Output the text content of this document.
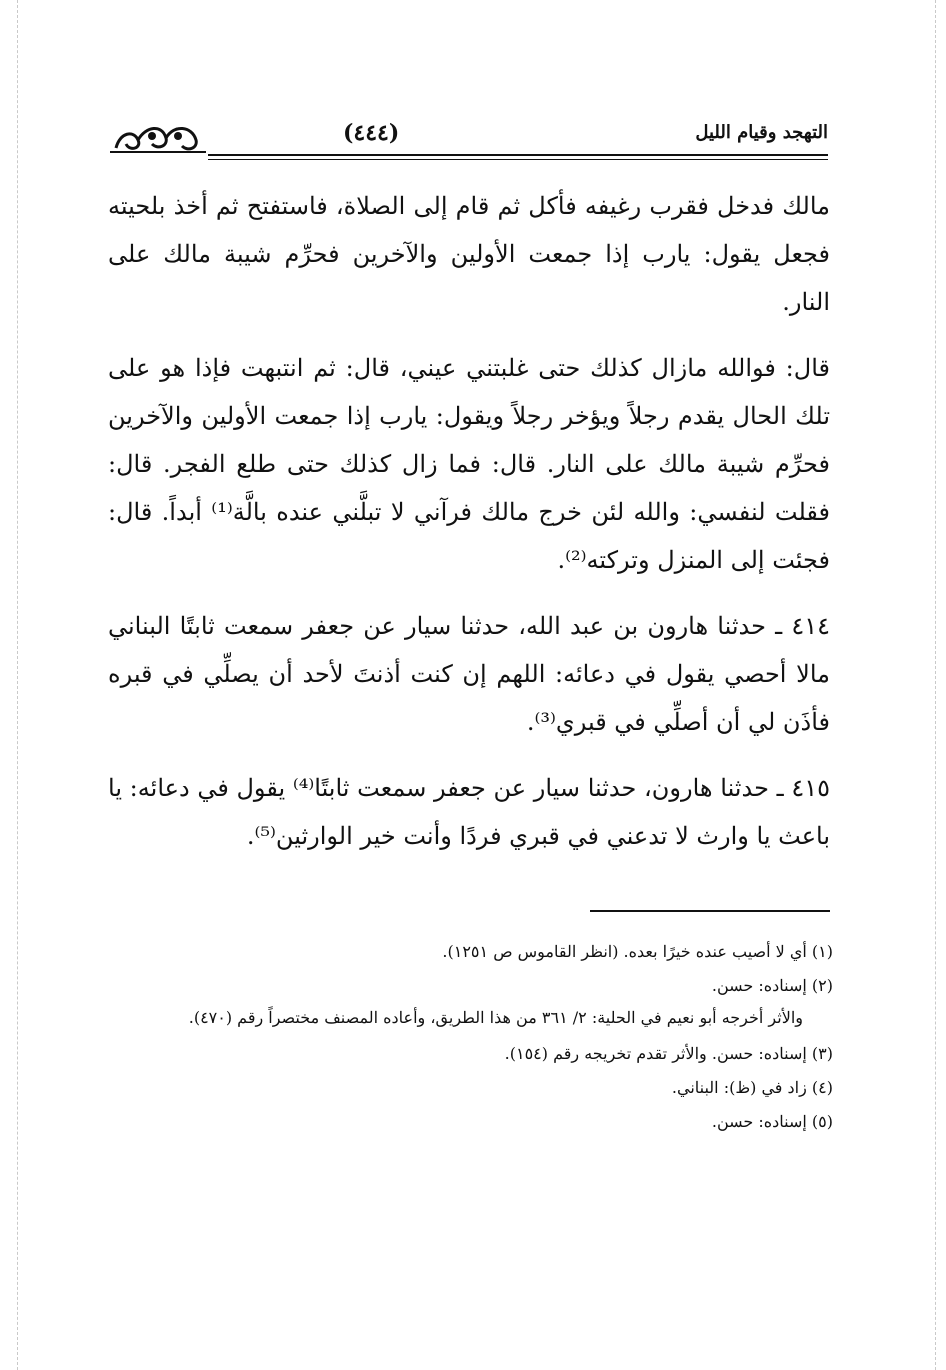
(٤٤٤)	التهجد وقيام الليل

مالك فدخل فقرب رغيفه فأكل ثم قام إلى الصلاة، فاستفتح ثم أخذ بلحيته فجعل يقول: يارب إذا جمعت الأولين والآخرين فحرِّم شيبة مالك على النار.

قال: فوالله مازال كذلك حتى غلبتني عيني، قال: ثم انتبهت فإذا هو على تلك الحال يقدم رجلاً ويؤخر رجلاً ويقول: يارب إذا جمعت الأولين والآخرين فحرِّم شيبة مالك على النار. قال: فما زال كذلك حتى طلع الفجر. قال: فقلت لنفسي: والله لئن خرج مالك فرآني لا تبلَّني عنده بالَّة⁽¹⁾ أبداً. قال: فجئت إلى المنزل وتركته⁽²⁾.

٤١٤ ـ حدثنا هارون بن عبد الله، حدثنا سيار عن جعفر سمعت ثابتًا البناني مالا أحصي يقول في دعائه: اللهم إن كنت أذنتَ لأحد أن يصلِّي في قبره فأذَن لي أن أصلِّي في قبري⁽³⁾.

٤١٥ ـ حدثنا هارون، حدثنا سيار عن جعفر سمعت ثابتًا⁽⁴⁾ يقول في دعائه: يا باعث يا وارث لا تدعني في قبري فردًا وأنت خير الوارثين⁽⁵⁾.

(١) أي لا أصيب عنده خيرًا بعده. (انظر القاموس ص ١٢٥١).

(٢) إسناده: حسن.

والأثر أخرجه أبو نعيم في الحلية: ٢/ ٣٦١ من هذا الطريق، وأعاده المصنف مختصراً رقم (٤٧٠).

(٣) إسناده: حسن. والأثر تقدم تخريجه رقم (١٥٤).

(٤) زاد في (ظ): البناني.

(٥) إسناده: حسن.
